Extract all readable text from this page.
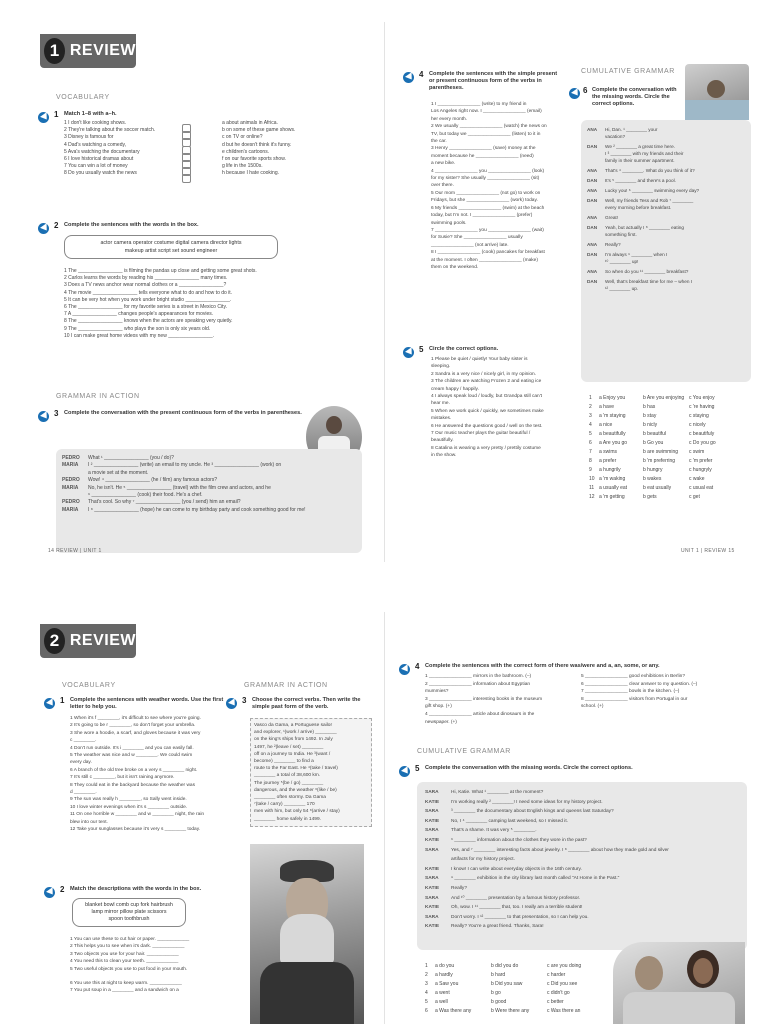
1 REVIEW
VOCABULARY
1 Match 1–8 with a–h.
1 I don't like cooking shows.
2 They're talking about the soccer match.
3 Disney is famous for
4 Dad's watching a comedy,
5 Ava's watching the documentary
6 I love historical dramas about
7 You can win a lot of money
8 Do you usually watch the news
a about animals in Africa.
b on some of these game shows.
c on TV or online?
d but he doesn't think it's funny.
e children's cartoons.
f on our favorite sports show.
g life in the 1500s.
h because I hate cooking.
2 Complete the sentences with the words in the box.
actor camera operator costume digital camera director lights
makeup artist script set sound engineer
1 The ________________ is filming the pandas up close and getting some great shots.
2 Carlos learns the words by reading his ________________ many times.
3 Does a TV news anchor wear normal clothes or a ________________?
4 The movie ________________ tells everyone what to do and how to do it.
5 It can be very hot when you work under bright studio ________________.
6 The ________________ for my favorite series is a street in Mexico City.
7 A ________________ changes people's appearances for movies.
8 The ________________ knows when the actors are speaking very quietly.
9 The ________________ who plays the son is only six years old.
10 I can make great home videos with my new ________________.
GRAMMAR IN ACTION
3 Complete the conversation with the present continuous form of the verbs in parentheses.
PEDRO	What ¹ ________________ (you / do)?
MARIA	I ² ________________ (write) an email to my uncle. He ³ ________________ (work) on
a movie set at the moment.
PEDRO	Wow! ⁴ ________________ (he / film) any famous actors?
MARIA	No, he isn't. He ⁵ ________________ (travel) with the film crew and actors, and he
⁶ ________________ (cook) their food. He's a chef.
PEDRO	That's cool. So why ⁷ ________________ (you / send) him an email?
MARIA	I ⁸ ________________ (hope) he can come to my birthday party and cook something good for me!
14 REVIEW | UNIT 1
4 Complete the sentences with the simple present
or present continuous form of the verbs in
parentheses.
1 I ________________ (write) to my friend in
Los Angeles right now. I ________________ (email)
her every month.
2 We usually ________________ (watch) the news on
TV, but today we ________________ (listen) to it in
the car.
3 Henry ________________ (save) money at the
moment because he ________________ (need)
a new bike.
4 ________________ you ________________ (look)
for my sister? She usually ________________ (sit)
over there.
5 Our mom ________________ (not go) to work on
Fridays, but she ________________ (work) today.
6 My friends ________________ (swim) at the beach
today, but I'm not. I ________________ (prefer)
swimming pools.
7 ________________ you ________________ (wait)
for Susie? She ________________ usually
________________ (not arrive) late.
8 I ________________ (cook) pancakes for breakfast
at the moment. I often ________________ (make)
them on the weekend.
5 Circle the correct options.
1 Please be quiet / quietly! Your baby sister is
sleeping.
2 Sandra is a very nice / nicely girl, in my opinion.
3 The children are watching Frozen 2 and eating ice
cream happy / happily.
4 I always speak loud / loudly, but Grandpa still can't
hear me.
5 When we work quick / quickly, we sometimes make
mistakes.
6 He answered the questions good / well on the test.
7 Our music teacher plays the guitar beautiful /
beautifully.
8 Catalina is wearing a very pretty / prettily costume
in the show.
CUMULATIVE GRAMMAR
6 Complete the conversation with
the missing words. Circle the
correct options.
ANA	Hi, Dan. ¹ ________ your
vacation?
DAN	We ² ________ a great time here.
I ³ ________ with my friends and their
family in their summer apartment.
ANA	That's ⁴ ________. What do you think of it?
DAN	It's ⁵ ________ and there's a pool.
ANA	Lucky you! ⁶ ________ swimming every day?
DAN	Well, my friends Tess and Rob ⁷ ________
every morning before breakfast.
ANA	Great!
DAN	Yeah, but actually I ⁸ ________ eating
something first.
ANA	Really?
DAN	I'm always ⁹ ________ when I
¹⁰ ________ up!
ANA	So when do you ¹¹ ________ breakfast?
DAN	Well, that's breakfast time for me – when I
¹² ________ up.
1	a Enjoy you	b Are you enjoying c You enjoy
2	a have	b has	c 're having
3	a 'm staying	b stay	c staying
4	a nice	b nicly	c nicely
5	a beautifully	b beautiful	c beautifuly
6	a Are you go	b Go you	c Do you go
7	a swims	b are swimming	c swim
8	a prefer	b 'm preferring	c 'm prefer
9	a hungrily	b hungry	c hungryly
10 a 'm waking	b wakes	c wake
11 a usually eat	b eat usually	c usual eat
12 a 'm getting	b gets	c get
UNIT 1 | REVIEW 15
2 REVIEW
VOCABULARY
1 Complete the sentences with weather words. Use the first
letter to help you.
1 When it's f ________, it's difficult to see where you're going.
2 It's going to be r ________, so don't forget your umbrella.
3 She wore a hoodie, a scarf, and gloves because it was very
c ________.
4 Don't run outside. It's i ________ and you can easily fall.
5 The weather was nice and w ________. We could swim
every day.
6 A branch of the old tree broke on a very s ________ night.
7 It's still c ________, but it isn't raining anymore.
8 They could eat in the backyard because the weather was
d ________.
9 The sun was really h ________, so Sally went inside.
10 I love winter evenings when it's s ________ outside.
11 On one horrible w ________ and w ________ night, the rain
blew into our tent.
12 Take your sunglasses because it's very s ________ today.
2 Match the descriptions with the words in the box.
blanket bowl comb cup fork hairbrush
lamp mirror pillow plate scissors
spoon toothbrush
1 You can use these to cut hair or paper. ____________
2 This helps you to see when it's dark. ____________
3 Two objects you use for your hair. ____________
4 You need this to clean your teeth. ____________
5 Two useful objects you use to put food in your mouth.
6 You use this at night to keep warm. ____________
7 You put soup in a ________ and a sandwich on a
GRAMMAR IN ACTION
3 Choose the correct verbs. Then write the
simple past form of the verb.
Vasco da Gama, a Portuguese sailor
and explorer, ¹(work / arrive) ________
on the king's ships from 1492. In July
1497, he ²(leave / set) ________
off on a journey to India. He ³(want /
become) ________ to find a
route to the Far East. He ⁴(take / travel)
________ a total of 38,600 km.
The journey ⁵(be / go) ________
dangerous, and the weather ⁶(like / be)
________ often stormy. Da Gama
⁷(take / carry) ________ 170
men with him, but only 54 ⁸(arrive / stay)
________ home safely in 1499.
4 Complete the sentences with the correct form of there was/were and a, an, some, or any.
1 ________________ mirrors in the bathroom. (–)
2 ________________ information about Egyptian
mummies?
3 ________________ interesting books in the museum
gift shop. (+)
4 ________________ article about dinosaurs in the
newspaper. (+)
5 ________________ good exhibitions in Berlin?
6 ________________ clear answer to my question. (–)
7 ________________ bowls in the kitchen. (–)
8 ________________ visitors from Portugal in our
school. (+)
CUMULATIVE GRAMMAR
5 Complete the conversation with the missing words. Circle the correct options.
SARA	Hi, Katie. What ¹ ________ at the moment?
KATIE	I'm working really ² ________! I need some ideas for my history project.
SARA	³ ________ the documentary about English kings and queens last Saturday?
KATIE	No, I ⁴ ________ camping last weekend, so I missed it.
SARA	That's a shame. It was very ⁵ ________.
KATIE	⁶ ________ information about the clothes they wore in the past?
SARA	Yes, and ⁷ ________ interesting facts about jewelry. I ⁸ ________ about how they made gold and silver
artifacts for my history project.
KATIE	I know! I can write about everyday objects in the 16th century.
SARA	⁹ ________ exhibition in the city library last month called "At Home in the Past."
KATIE	Really?
SARA	And ¹⁰ ________ presentation by a famous history professor.
KATIE	Oh, wow. I ¹¹ ________ that, too. I really am a terrible student!
SARA	Don't worry. I ¹² ________ to that presentation, so I can help you.
KATIE	Really? You're a great friend. Thanks, Sara!
1	a do you	b did you do	c are you doing
2	a hardly	b hard	c harder
3	a Saw you	b Did you saw	c Did you see
4	a went	b go	c didn't go
5	a well	b good	c better
6	a Was there any	b Were there any	c Was there an
